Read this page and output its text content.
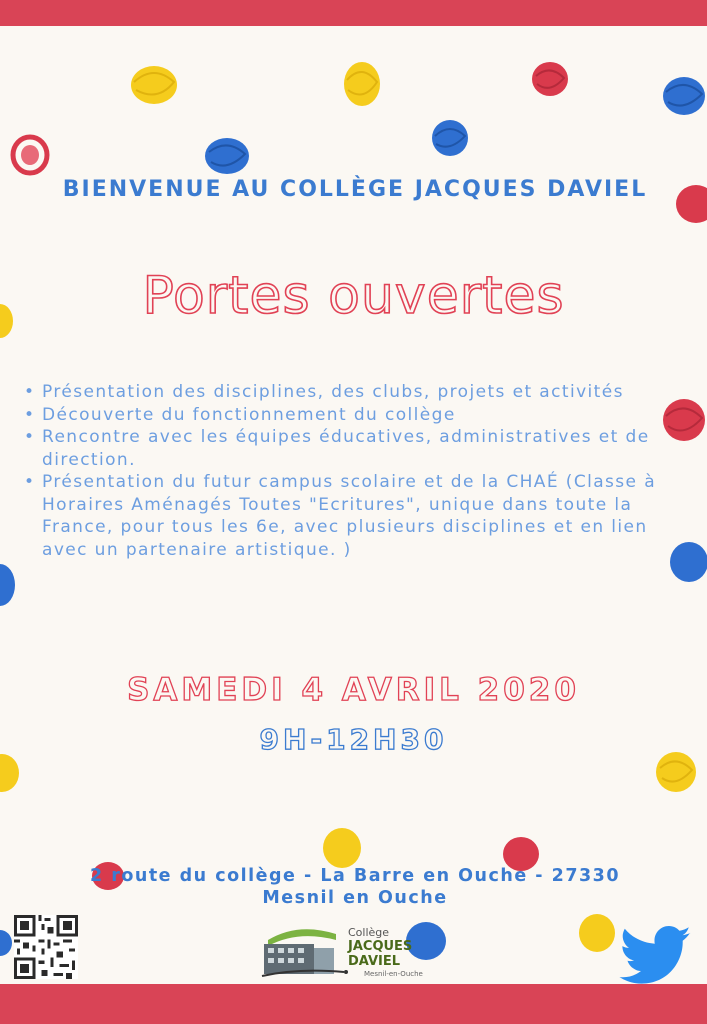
BIENVENUE AU COLLÈGE JACQUES DAVIEL
Portes ouvertes
• Présentation des disciplines, des clubs, projets et activités
• Découverte du fonctionnement du collège
• Rencontre avec les équipes éducatives, administratives et de direction.
• Présentation du futur campus scolaire et de la CHAÉ (Classe à Horaires Aménagés Toutes "Ecritures", unique dans toute la France, pour tous les 6e, avec plusieurs disciplines et en lien avec un partenaire artistique. )
SAMEDI 4 AVRIL 2020
9H-12H30
2 route du collège - La Barre en Ouche - 27330
Mesnil en Ouche
Collège
JACQUES DAVIEL
Mesnil-en-Ouche
